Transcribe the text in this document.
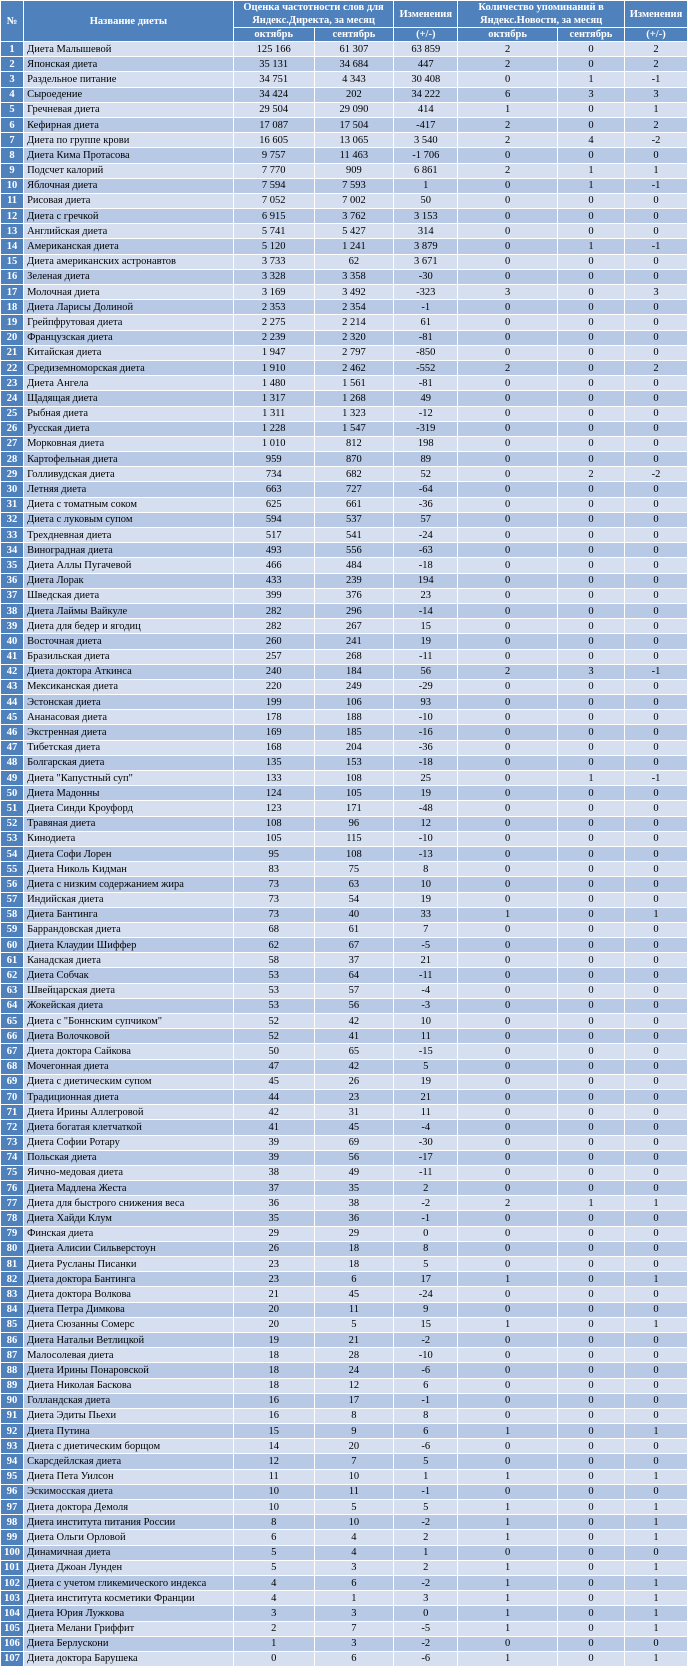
№	Название диеты	Оценка частотности слов для Яндекс.Директа, за месяц		Изменения	Количество упоминаний в Яндекс.Новости, за месяц		Изменения
		октябрь	сентябрь	(+/-)	октябрь	сентябрь	(+/-)
1	Диета Малышевой	125 166	61 307	63 859	2	0	2
2	Японская диета	35 131	34 684	447	2	0	2
3	Раздельное питание	34 751	4 343	30 408	0	1	-1
4	Сыроедение	34 424	202	34 222	6	3	3
5	Гречневая диета	29 504	29 090	414	1	0	1
6	Кефирная диета	17 087	17 504	-417	2	0	2
7	Диета по группе крови	16 605	13 065	3 540	2	4	-2
8	Диета Кима Протасова	9 757	11 463	-1 706	0	0	0
9	Подсчет калорий	7 770	909	6 861	2	1	1
10	Яблочная диета	7 594	7 593	1	0	1	-1
11	Рисовая диета	7 052	7 002	50	0	0	0
12	Диета с гречкой	6 915	3 762	3 153	0	0	0
13	Английская диета	5 741	5 427	314	0	0	0
14	Американская диета	5 120	1 241	3 879	0	1	-1
15	Диета американских астронавтов	3 733	62	3 671	0	0	0
16	Зеленая диета	3 328	3 358	-30	0	0	0
17	Молочная диета	3 169	3 492	-323	3	0	3
18	Диета Ларисы Долиной	2 353	2 354	-1	0	0	0
19	Грейпфрутовая диета	2 275	2 214	61	0	0	0
20	Французская диета	2 239	2 320	-81	0	0	0
21	Китайская диета	1 947	2 797	-850	0	0	0
22	Средиземноморская диета	1 910	2 462	-552	2	0	2
23	Диета Ангела	1 480	1 561	-81	0	0	0
24	Щадящая диета	1 317	1 268	49	0	0	0
25	Рыбная диета	1 311	1 323	-12	0	0	0
26	Русская диета	1 228	1 547	-319	0	0	0
27	Морковная диета	1 010	812	198	0	0	0
28	Картофельная диета	959	870	89	0	0	0
29	Голливудская диета	734	682	52	0	2	-2
30	Летняя диета	663	727	-64	0	0	0
31	Диета с томатным соком	625	661	-36	0	0	0
32	Диета с луковым супом	594	537	57	0	0	0
33	Трехдневная диета	517	541	-24	0	0	0
34	Виноградная диета	493	556	-63	0	0	0
35	Диета Аллы Пугачевой	466	484	-18	0	0	0
36	Диета Лорак	433	239	194	0	0	0
37	Шведская диета	399	376	23	0	0	0
38	Диета Лаймы Вайкуле	282	296	-14	0	0	0
39	Диета для бедер и ягодиц	282	267	15	0	0	0
40	Восточная диета	260	241	19	0	0	0
41	Бразильская диета	257	268	-11	0	0	0
42	Диета доктора Аткинса	240	184	56	2	3	-1
43	Мексиканская диета	220	249	-29	0	0	0
44	Эстонская диета	199	106	93	0	0	0
45	Ананасовая диета	178	188	-10	0	0	0
46	Экстренная диета	169	185	-16	0	0	0
47	Тибетская диета	168	204	-36	0	0	0
48	Болгарская диета	135	153	-18	0	0	0
49	Диета "Капустный суп"	133	108	25	0	1	-1
50	Диета Мадонны	124	105	19	0	0	0
51	Диета Синди Кроуфорд	123	171	-48	0	0	0
52	Травяная диета	108	96	12	0	0	0
53	Кинодиета	105	115	-10	0	0	0
54	Диета Софи Лорен	95	108	-13	0	0	0
55	Диета Николь Кидман	83	75	8	0	0	0
56	Диета с низким содержанием жира	73	63	10	0	0	0
57	Индийская диета	73	54	19	0	0	0
58	Диета Бантинга	73	40	33	1	0	1
59	Баррандовская диета	68	61	7	0	0	0
60	Диета Клаудии Шиффер	62	67	-5	0	0	0
61	Канадская диета	58	37	21	0	0	0
62	Диета Собчак	53	64	-11	0	0	0
63	Швейцарская диета	53	57	-4	0	0	0
64	Жокейская диета	53	56	-3	0	0	0
65	Диета с "Боннским супчиком"	52	42	10	0	0	0
66	Диета Волочковой	52	41	11	0	0	0
67	Диета доктора Сайкова	50	65	-15	0	0	0
68	Мочегонная диета	47	42	5	0	0	0
69	Диета с диетическим супом	45	26	19	0	0	0
70	Традиционная диета	44	23	21	0	0	0
71	Диета Ирины Аллегровой	42	31	11	0	0	0
72	Диета богатая клетчаткой	41	45	-4	0	0	0
73	Диета Софии Ротару	39	69	-30	0	0	0
74	Польская диета	39	56	-17	0	0	0
75	Яично-медовая диета	38	49	-11	0	0	0
76	Диета Мадлена Жеста	37	35	2	0	0	0
77	Диета для быстрого снижения веса	36	38	-2	2	1	1
78	Диета Хайди Клум	35	36	-1	0	0	0
79	Финская диета	29	29	0	0	0	0
80	Диета Алисии Сильверстоун	26	18	8	0	0	0
81	Диета Русланы Писанки	23	18	5	0	0	0
82	Диета доктора Бантинга	23	6	17	1	0	1
83	Диета доктора Волкова	21	45	-24	0	0	0
84	Диета Петра Димкова	20	11	9	0	0	0
85	Диета Сюзанны Сомерс	20	5	15	1	0	1
86	Диета Натальи Ветлицкой	19	21	-2	0	0	0
87	Малосолевая диета	18	28	-10	0	0	0
88	Диета Ирины Понаровской	18	24	-6	0	0	0
89	Диета Николая Баскова	18	12	6	0	0	0
90	Голландская диета	16	17	-1	0	0	0
91	Диета Эдиты Пьехи	16	8	8	0	0	0
92	Диета Путина	15	9	6	1	0	1
93	Диета с диетическим борщом	14	20	-6	0	0	0
94	Скарсдейлская диета	12	7	5	0	0	0
95	Диета Пета Уилсон	11	10	1	1	0	1
96	Эскимосская диета	10	11	-1	0	0	0
97	Диета доктора Демоля	10	5	5	1	0	1
98	Диета института питания России	8	10	-2	1	0	1
99	Диета Ольги Орловой	6	4	2	1	0	1
100	Динамичная диета	5	4	1	0	0	0
101	Диета Джоан Лунден	5	3	2	1	0	1
102	Диета с учетом гликемического индекса	4	6	-2	1	0	1
103	Диета института косметики Франции	4	1	3	1	0	1
104	Диета Юрия Лужкова	3	3	0	1	0	1
105	Диета Мелани Гриффит	2	7	-5	1	0	1
106	Диета Берлускони	1	3	-2	0	0	0
107	Диета доктора Барушека	0	6	-6	1	0	1
